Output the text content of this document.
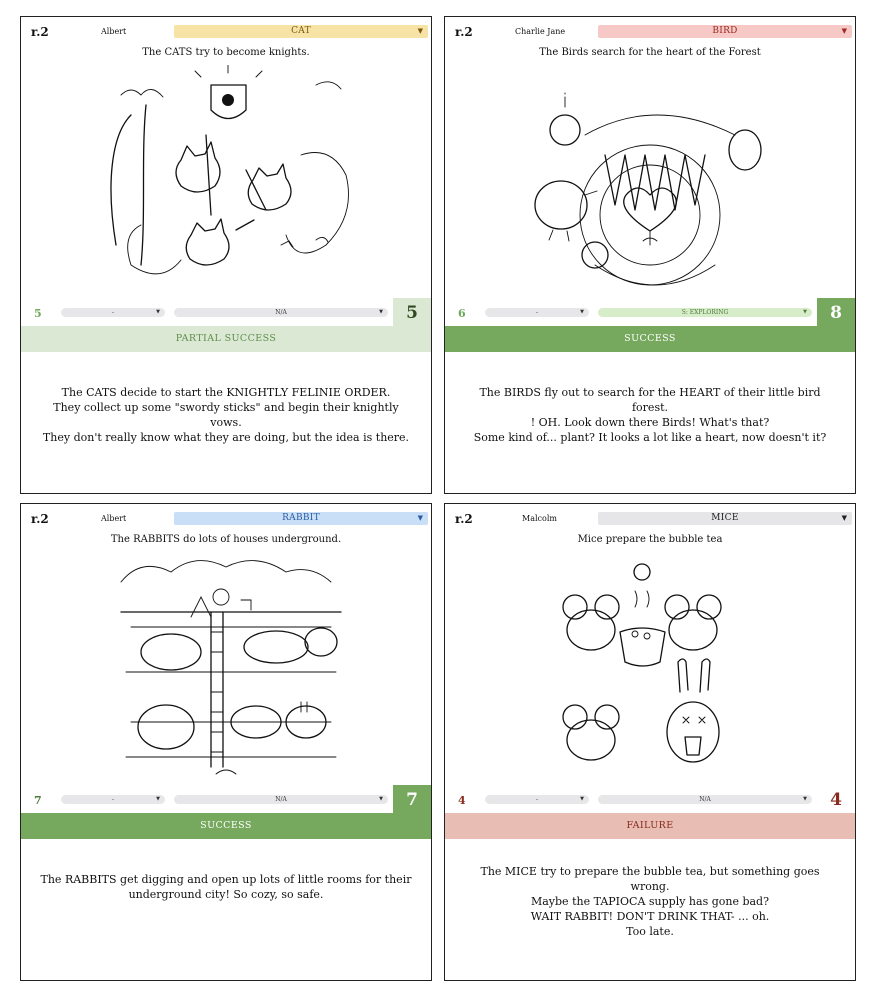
r.2	Albert	CAT	▼
The CATS try to become knights.
5	-	▼	N/A	▼	5
PARTIAL SUCCESS
The CATS decide to start the KNIGHTLY FELINIE ORDER.
They collect up some "swordy sticks" and begin their knightly vows.
They don't really know what they are doing, but the idea is there.
r.2	Charlie Jane	BIRD	▼
The Birds search for the heart of the Forest
6	-	▼	S: EXPLORING	▼	8
SUCCESS
The BIRDS fly out to search for the HEART of their little bird forest.
! OH. Look down there Birds! What's that?
Some kind of... plant? It looks a lot like a heart, now doesn't it?
r.2	Albert	RABBIT	▼
The RABBITS do lots of houses underground.
7	-	▼	N/A	▼	7
SUCCESS
The RABBITS get digging and open up lots of little rooms for their
underground city! So cozy, so safe.
r.2	Malcolm	MICE	▼
Mice prepare the bubble tea
4	-	▼	N/A	▼	4
FAILURE
The MICE try to prepare the bubble tea, but something goes wrong.
Maybe the TAPIOCA supply has gone bad?
WAIT RABBIT! DON'T DRINK THAT- ... oh.
Too late.
